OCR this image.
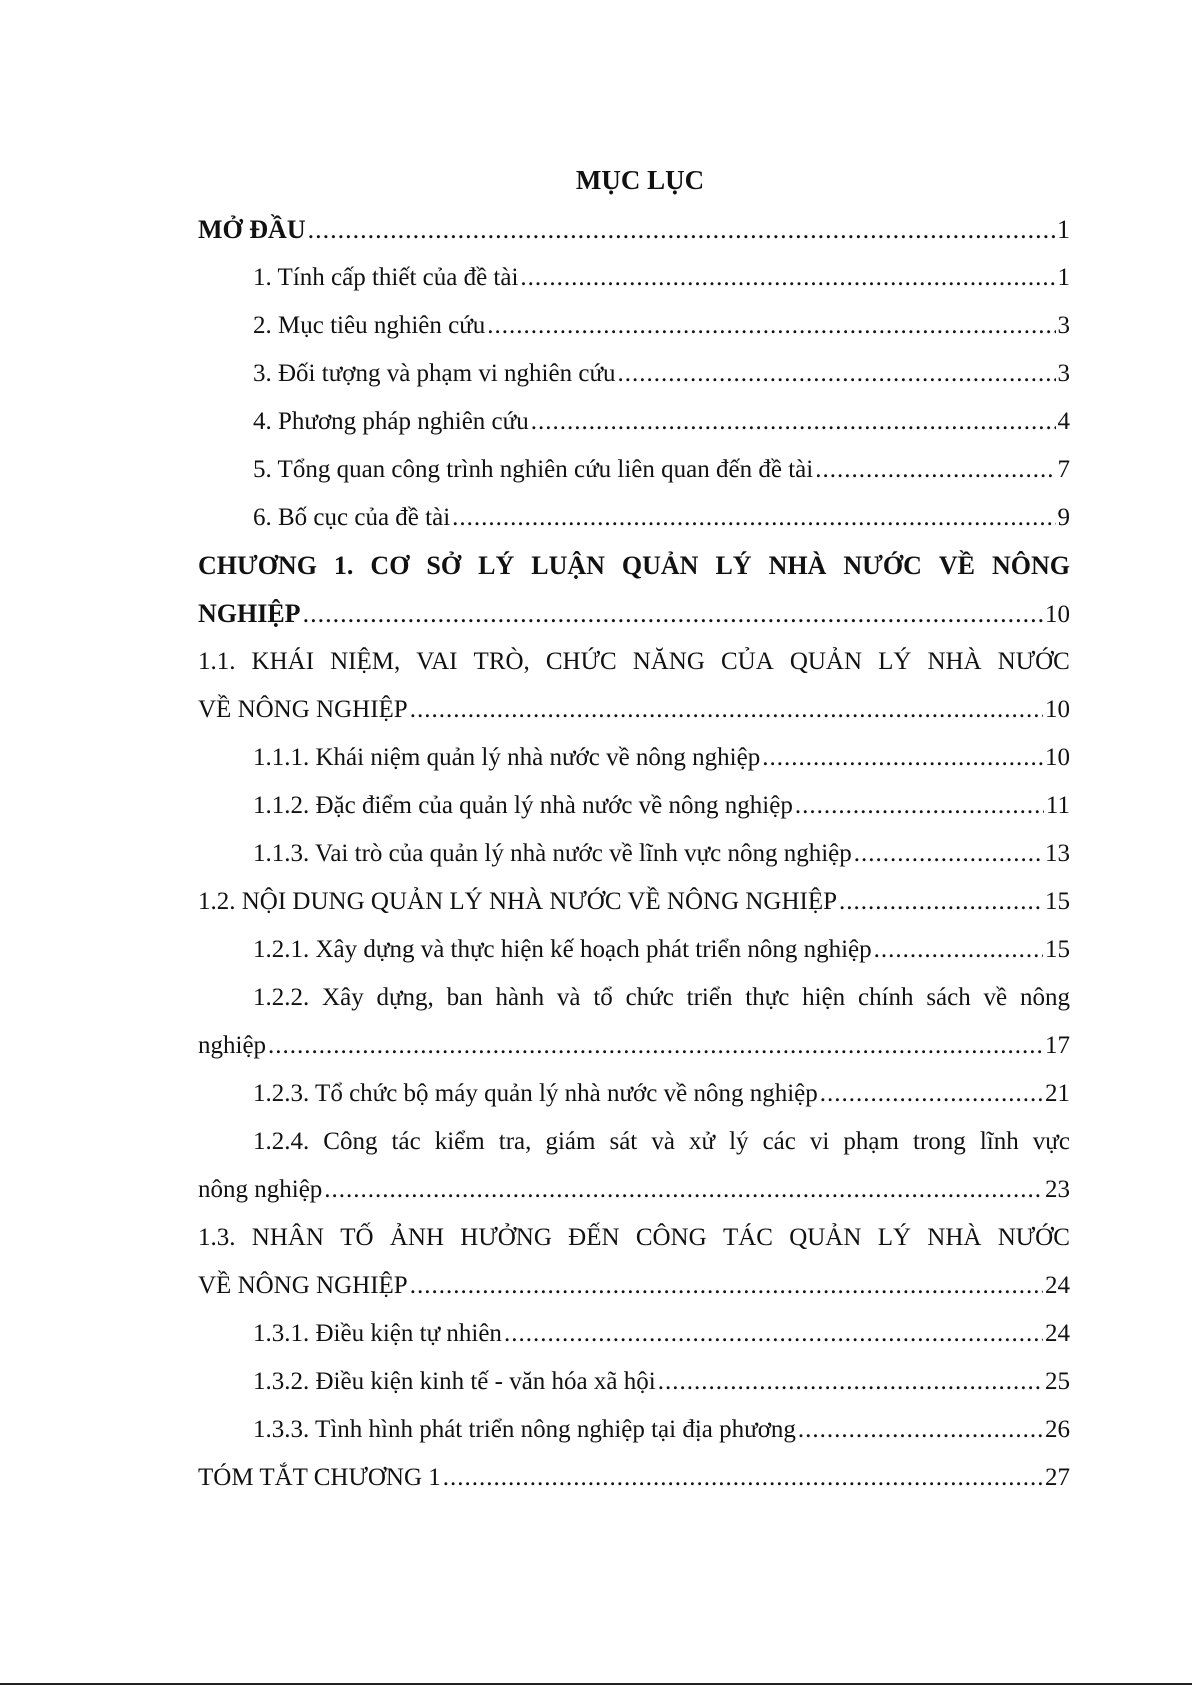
MỤC LỤC
MỞ ĐẦU .....	1
1. Tính cấp thiết của đề tài .....	1
2. Mục tiêu nghiên cứu .....	3
3. Đối tượng và phạm vi nghiên cứu .....	3
4. Phương pháp nghiên cứu .....	4
5. Tổng quan công trình nghiên cứu liên quan đến đề tài .....	7
6. Bố cục của đề tài .....	9
CHƯƠNG 1. CƠ SỞ LÝ LUẬN QUẢN LÝ NHÀ NƯỚC VỀ NÔNG
NGHIỆP .....	10
1.1. KHÁI NIỆM, VAI TRÒ, CHỨC NĂNG CỦA QUẢN LÝ NHÀ NƯỚC
VỀ NÔNG NGHIỆP .....	10
1.1.1. Khái niệm quản lý nhà nước về nông nghiệp .....	10
1.1.2. Đặc điểm của quản lý nhà nước về nông nghiệp .....	11
1.1.3. Vai trò của quản lý nhà nước về lĩnh vực nông nghiệp .....	13
1.2. NỘI DUNG QUẢN LÝ NHÀ NƯỚC VỀ NÔNG NGHIỆP .....	15
1.2.1. Xây dựng và thực hiện kế hoạch phát triển nông nghiệp .....	15
1.2.2. Xây dựng, ban hành và tổ chức triển thực hiện chính sách về nông
nghiệp .....	17
1.2.3. Tổ chức bộ máy quản lý nhà nước về nông nghiệp .....	21
1.2.4. Công tác kiểm tra, giám sát và xử lý các vi phạm trong lĩnh vực
nông nghiệp .....	23
1.3. NHÂN TỐ ẢNH HƯỞNG ĐẾN CÔNG TÁC QUẢN LÝ NHÀ NƯỚC
VỀ NÔNG NGHIỆP .....	24
1.3.1. Điều kiện tự nhiên .....	24
1.3.2. Điều kiện kinh tế - văn hóa xã hội .....	25
1.3.3. Tình hình phát triển nông nghiệp tại địa phương .....	26
TÓM TẮT CHƯƠNG 1 .....	27
